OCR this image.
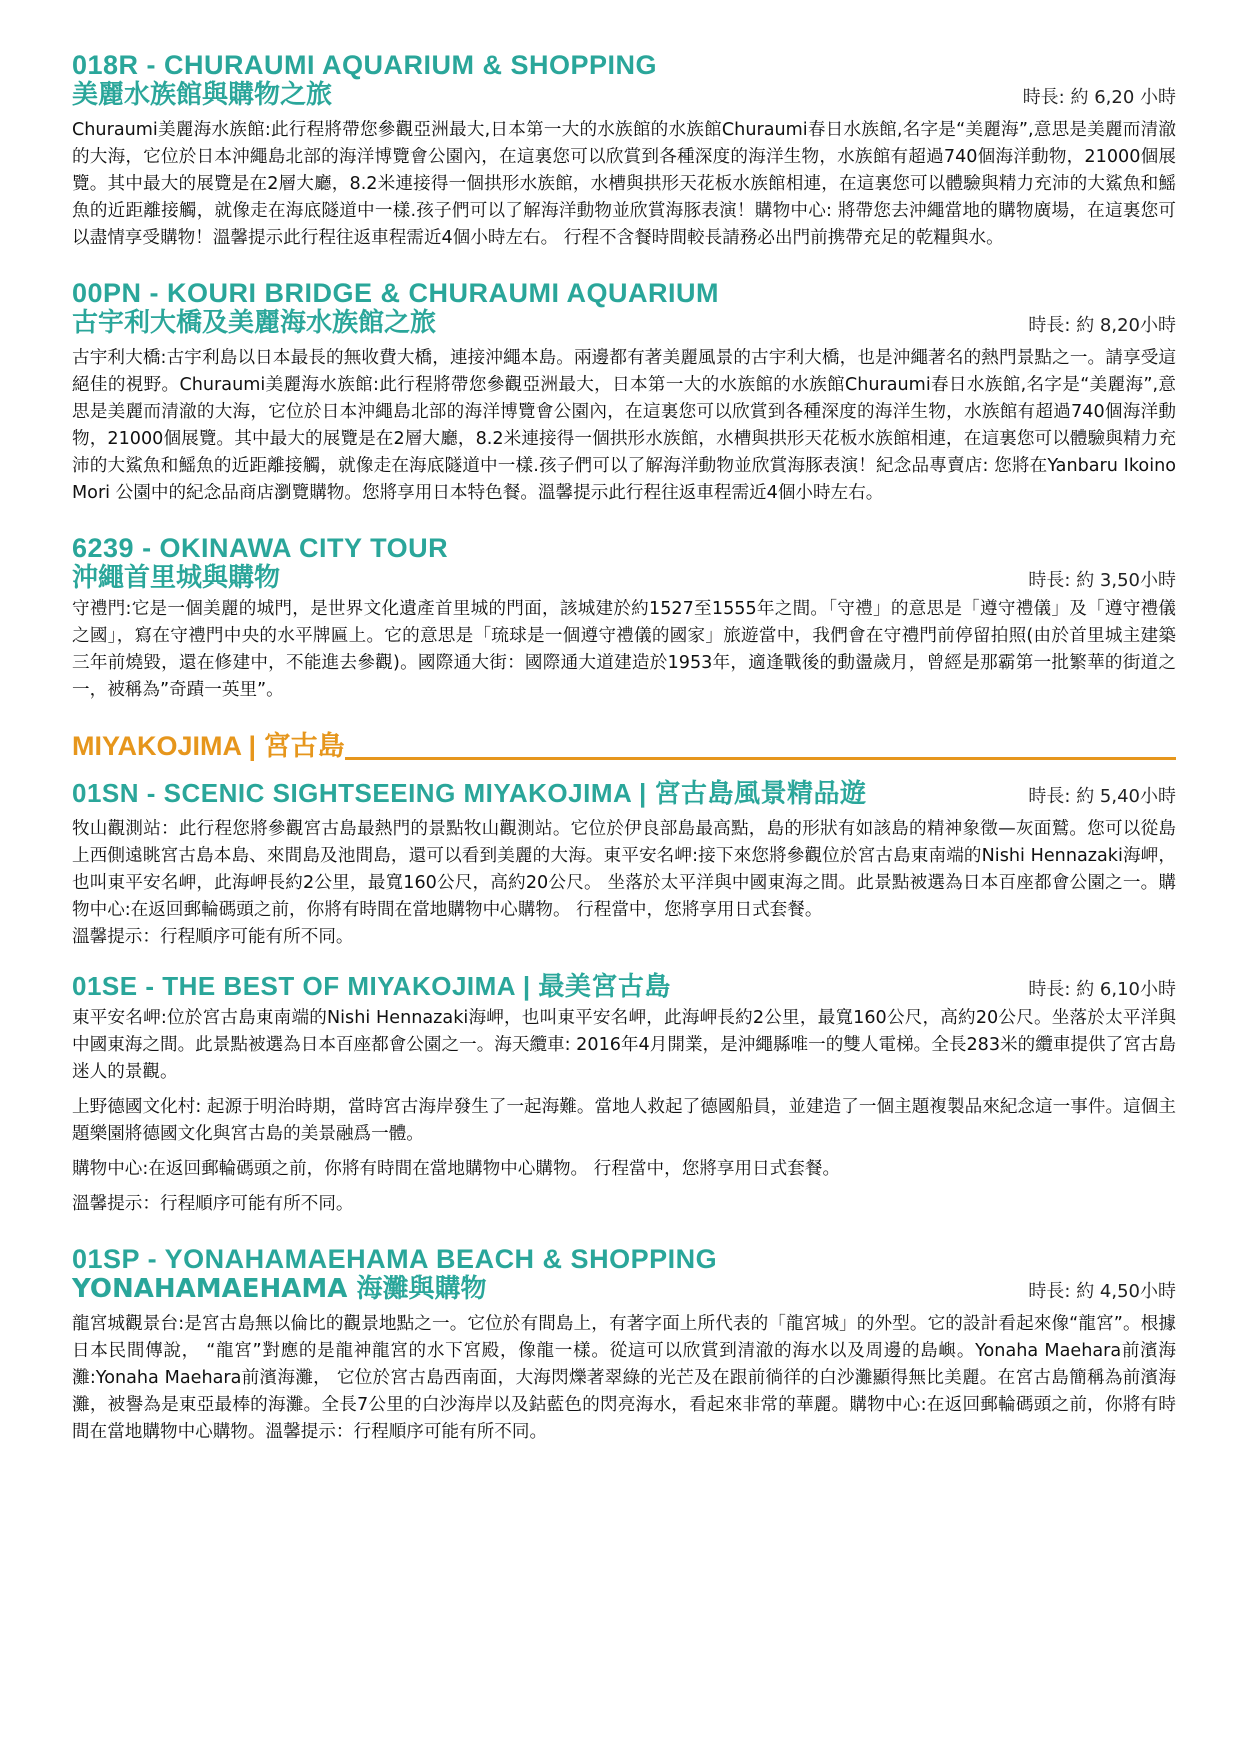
018R - CHURAUMI AQUARIUM & SHOPPING
美麗水族館與購物之旅	時長: 約 6,20 小時

Churaumi美麗海水族館:此行程將帶您參觀亞洲最大,日本第一大的水族館的水族館Churaumi春日水族館,名字是“美麗海”,意思是美麗而清澈的大海，它位於日本沖繩島北部的海洋博覽會公園內，在這裏您可以欣賞到各種深度的海洋生物，水族館有超過740個海洋動物，21000個展覽。其中最大的展覽是在2層大廳，8.2米連接得一個拱形水族館，水槽與拱形天花板水族館相連，在這裏您可以體驗與精力充沛的大鯊魚和鰩魚的近距離接觸，就像走在海底隧道中一樣.孩子們可以了解海洋動物並欣賞海豚表演！購物中心: 將帶您去沖繩當地的購物廣場，在這裏您可以盡情享受購物！溫馨提示此行程往返車程需近4個小時左右。 行程不含餐時間較長請務必出門前携帶充足的乾糧與水。

00PN - KOURI BRIDGE & CHURAUMI AQUARIUM
古宇利大橋及美麗海水族館之旅	時長: 約 8,20小時

古宇利大橋:古宇利島以日本最長的無收費大橋，連接沖繩本島。兩邊都有著美麗風景的古宇利大橋，也是沖繩著名的熱門景點之一。請享受這絕佳的視野。Churaumi美麗海水族館:此行程將帶您參觀亞洲最大，日本第一大的水族館的水族館Churaumi春日水族館,名字是“美麗海”,意思是美麗而清澈的大海，它位於日本沖繩島北部的海洋博覽會公園內，在這裏您可以欣賞到各種深度的海洋生物，水族館有超過740個海洋動物，21000個展覽。其中最大的展覽是在2層大廳，8.2米連接得一個拱形水族館，水槽與拱形天花板水族館相連，在這裏您可以體驗與精力充沛的大鯊魚和鰩魚的近距離接觸，就像走在海底隧道中一樣.孩子們可以了解海洋動物並欣賞海豚表演！紀念品專賣店: 您將在Yanbaru Ikoino Mori 公園中的紀念品商店瀏覽購物。您將享用日本特色餐。溫馨提示此行程往返車程需近4個小時左右。

6239 - OKINAWA CITY TOUR
沖繩首里城與購物	時長: 約 3,50小時

守禮門:它是一個美麗的城門，是世界文化遺產首里城的門面，該城建於約1527至1555年之間。「守禮」的意思是「遵守禮儀」及「遵守禮儀之國」，寫在守禮門中央的水平牌匾上。它的意思是「琉球是一個遵守禮儀的國家」旅遊當中，我們會在守禮門前停留拍照(由於首里城主建築三年前燒毀，還在修建中，不能進去參觀)。國際通大街：國際通大道建造於1953年，適逢戰後的動盪歲月，曾經是那霸第一批繁華的街道之一，被稱為”奇蹟一英里”。

MIYAKOJIMA | 宮古島
01SN - SCENIC SIGHTSEEING MIYAKOJIMA | 宮古島風景精品遊	時長: 約 5,40小時

牧山觀測站：此行程您將參觀宮古島最熱門的景點牧山觀測站。它位於伊良部島最高點，島的形狀有如該島的精神象徵—灰面鷲。您可以從島上西側遠眺宮古島本島、來間島及池間島，還可以看到美麗的大海。東平安名岬:接下來您將參觀位於宮古島東南端的Nishi Hennazaki海岬，也叫東平安名岬，此海岬長約2公里，最寬160公尺，高約20公尺。 坐落於太平洋與中國東海之間。此景點被選為日本百座都會公園之一。購物中心:在返回郵輪碼頭之前，你將有時間在當地購物中心購物。 行程當中，您將享用日式套餐。

溫馨提示：行程順序可能有所不同。

01SE - THE BEST OF MIYAKOJIMA | 最美宮古島	時長: 約 6,10小時

東平安名岬:位於宮古島東南端的Nishi Hennazaki海岬，也叫東平安名岬，此海岬長約2公里，最寬160公尺，高約20公尺。坐落於太平洋與中國東海之間。此景點被選為日本百座都會公園之一。海天纜車: 2016年4月開業，是沖繩縣唯一的雙人電梯。全長283米的纜車提供了宮古島迷人的景觀。

上野德國文化村: 起源于明治時期，當時宮古海岸發生了一起海難。當地人救起了德國船員，並建造了一個主題複製品來紀念這一事件。這個主題樂園將德國文化與宮古島的美景融爲一體。

購物中心:在返回郵輪碼頭之前，你將有時間在當地購物中心購物。 行程當中，您將享用日式套餐。

溫馨提示：行程順序可能有所不同。

01SP - YONAHAMAEHAMA BEACH & SHOPPING
YONAHAMAEHAMA 海灘與購物	時長: 約 4,50小時

龍宮城觀景台:是宮古島無以倫比的觀景地點之一。它位於有間島上，有著字面上所代表的「龍宮城」的外型。它的設計看起來像“龍宮”。根據日本民間傳說， “龍宮”對應的是龍神龍宮的水下宮殿，像龍一樣。從這可以欣賞到清澈的海水以及周邊的島嶼。Yonaha Maehara前濱海灘:Yonaha Maehara前濱海灘， 它位於宮古島西南面，大海閃爍著翠綠的光芒及在跟前徜徉的白沙灘顯得無比美麗。在宮古島簡稱為前濱海灘，被譽為是東亞最棒的海灘。全長7公里的白沙海岸以及鈷藍色的閃亮海水，看起來非常的華麗。購物中心:在返回郵輪碼頭之前，你將有時間在當地購物中心購物。溫馨提示：行程順序可能有所不同。
